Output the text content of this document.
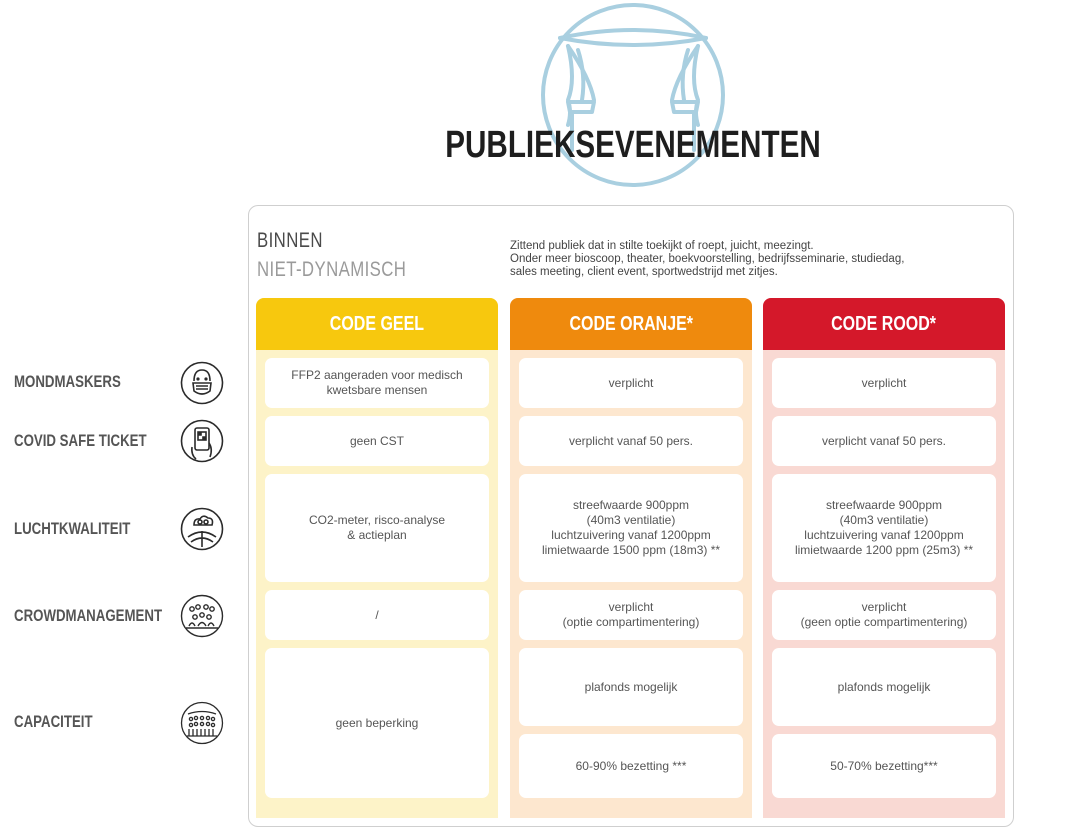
PUBLIEKSEVENEMENTEN
BINNEN
NIET-DYNAMISCH
Zittend publiek dat in stilte toekijkt of roept, juicht, meezingt.
Onder meer bioscoop, theater, boekvoorstelling, bedrijfsseminarie, studiedag,
sales meeting, client event, sportwedstrijd met zitjes.
MONDMASKERS
COVID SAFE TICKET
LUCHTKWALITEIT
CROWDMANAGEMENT
CAPACITEIT
CODE GEEL
FFP2 aangeraden voor medisch
kwetsbare mensen
geen CST
CO2-meter, risco-analyse
& actieplan
/
geen beperking
CODE ORANJE*
verplicht
verplicht vanaf 50 pers.
streefwaarde 900ppm
(40m3 ventilatie)
luchtzuivering vanaf 1200ppm
limietwaarde 1500 ppm (18m3) **
verplicht
(optie compartimentering)
plafonds mogelijk
60-90% bezetting ***
CODE ROOD*
verplicht
verplicht vanaf 50 pers.
streefwaarde 900ppm
(40m3 ventilatie)
luchtzuivering vanaf 1200ppm
limietwaarde 1200 ppm (25m3) **
verplicht
(geen optie compartimentering)
plafonds mogelijk
50-70% bezetting***
